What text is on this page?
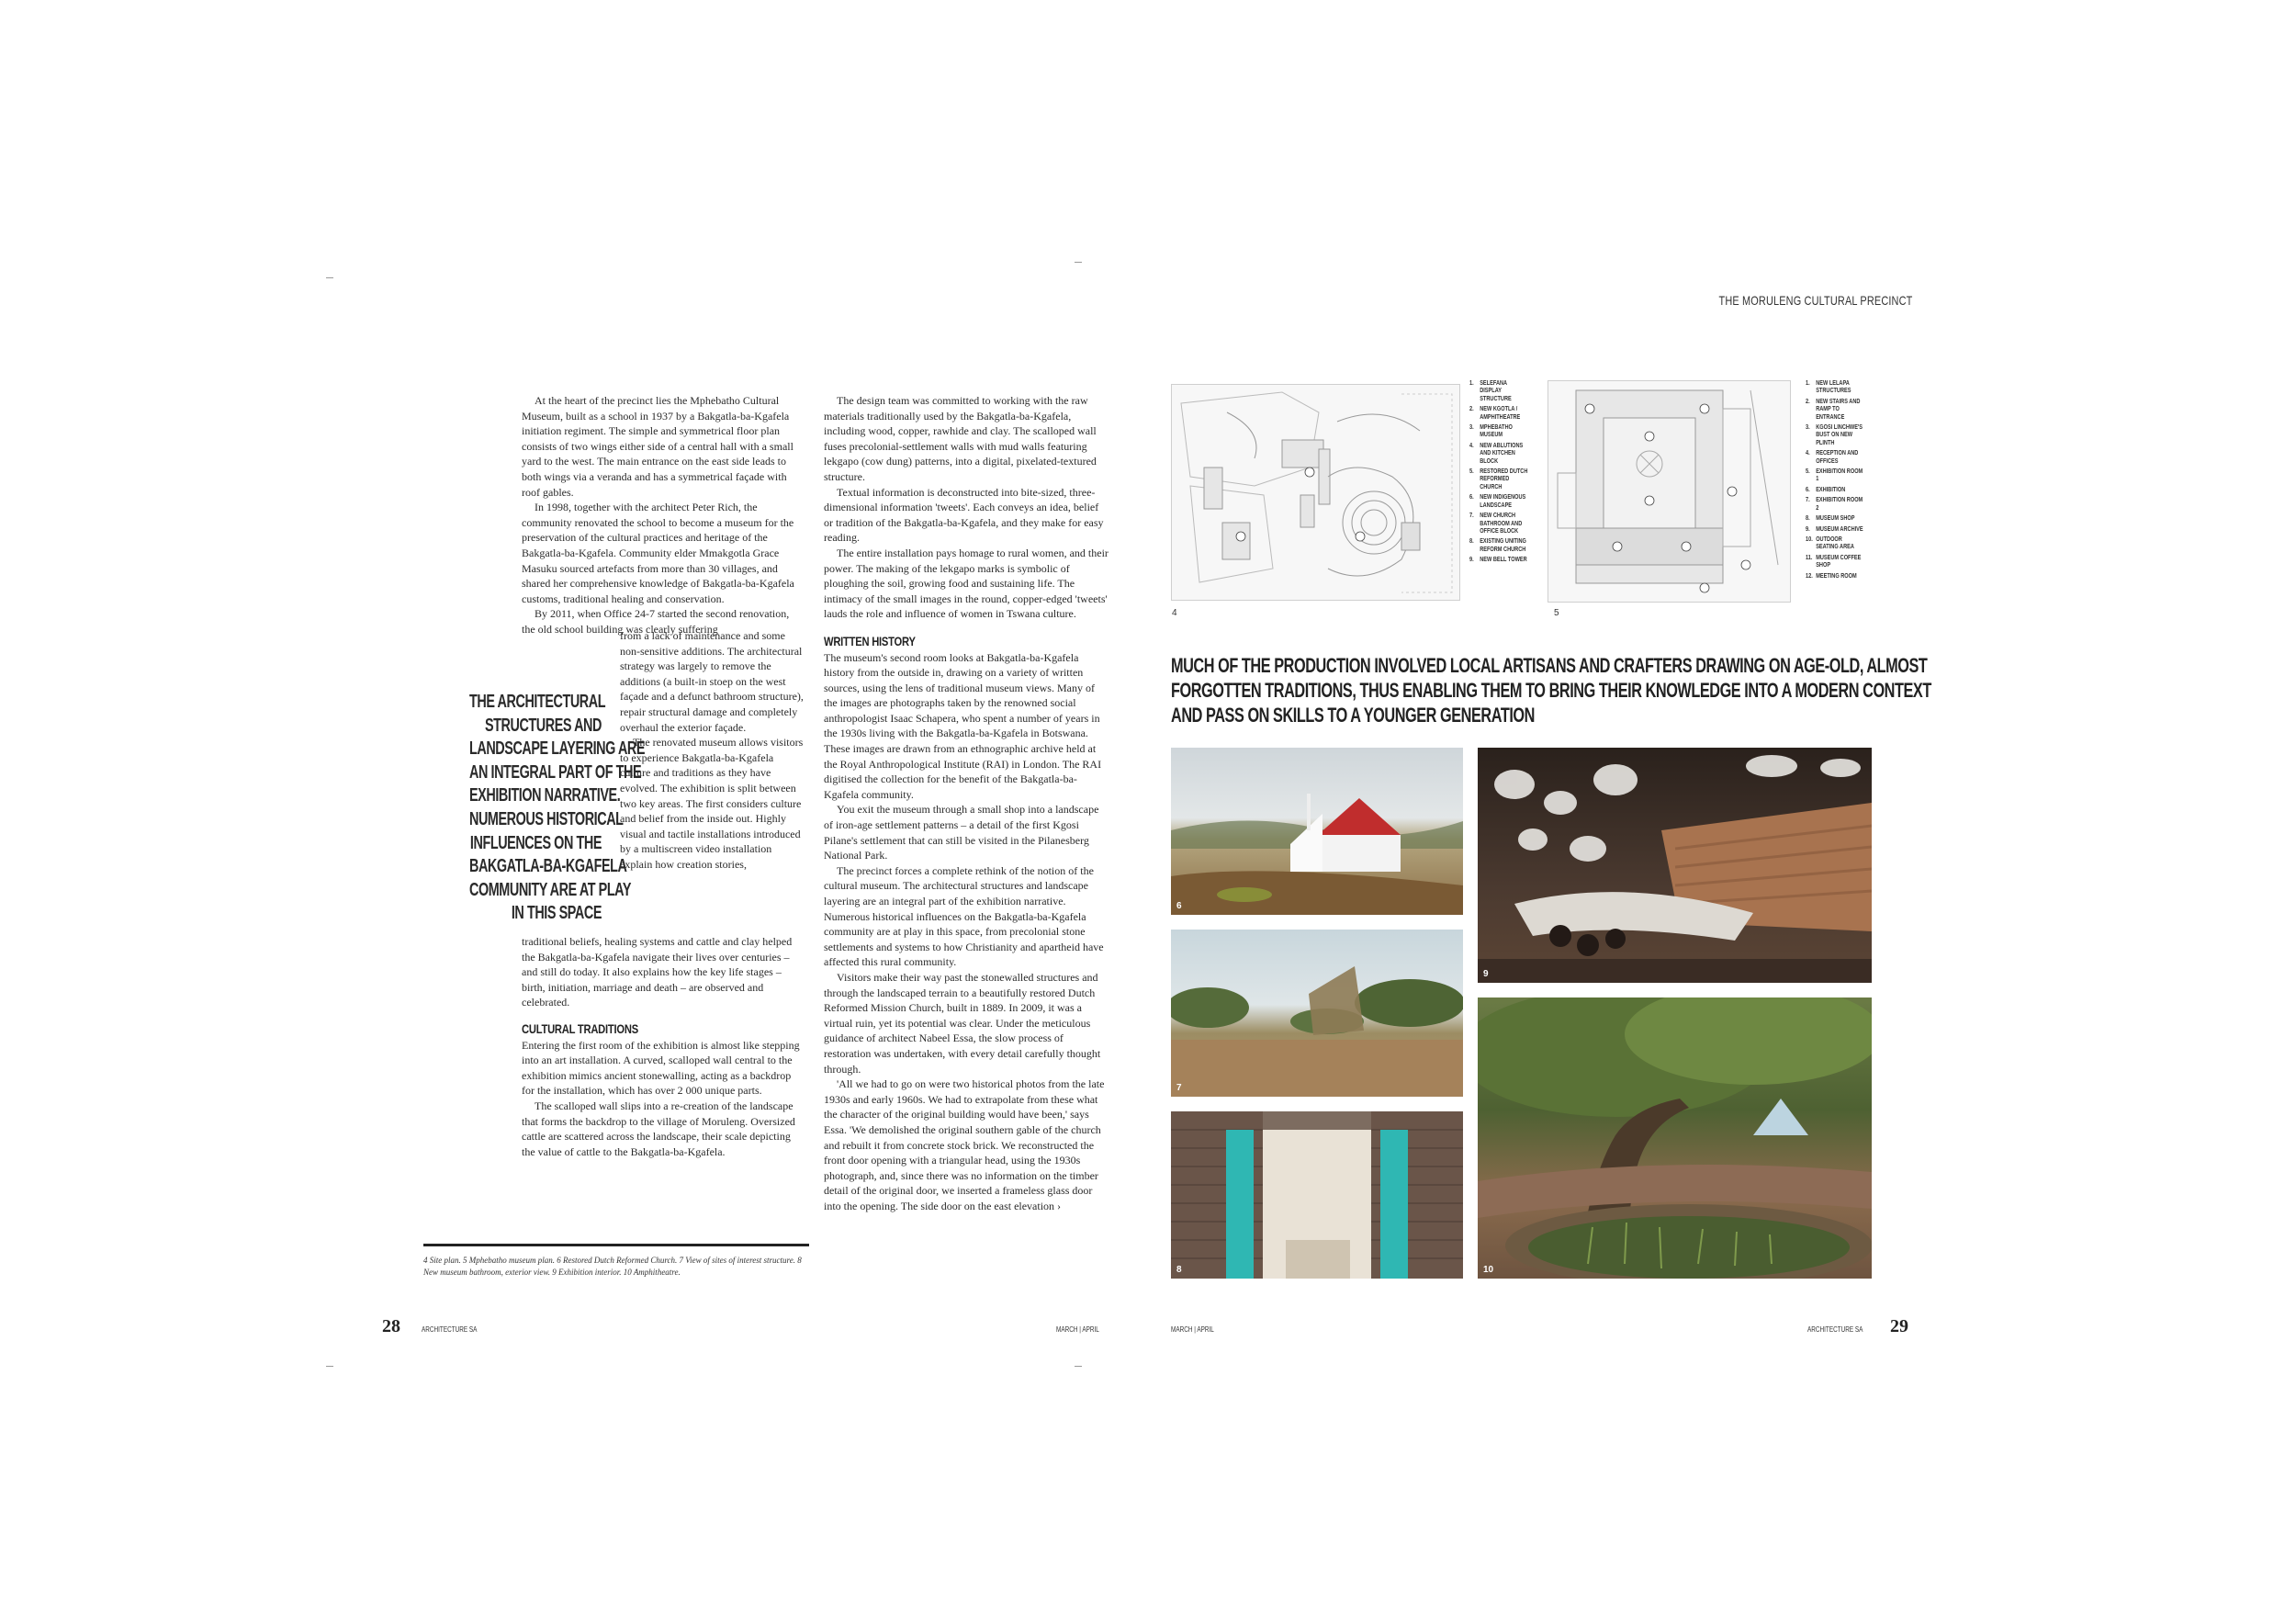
At the heart of the precinct lies the Mphebatho Cultural Museum, built as a school in 1937 by a Bakgatla-ba-Kgafela initiation regiment. The simple and symmetrical floor plan consists of two wings either side of a central hall with a small yard to the west. The main entrance on the east side leads to both wings via a veranda and has a symmetrical façade with roof gables.

In 1998, together with the architect Peter Rich, the community renovated the school to become a museum for the preservation of the cultural practices and heritage of the Bakgatla-ba-Kgafela. Community elder Mmakgotla Grace Masuku sourced artefacts from more than 30 villages, and shared her comprehensive knowledge of Bakgatla-ba-Kgafela customs, traditional healing and conservation.

By 2011, when Office 24-7 started the second renovation, the old school building was clearly suffering

from a lack of maintenance and some non-sensitive additions. The architectural strategy was largely to remove the additions (a built-in stoep on the west façade and a defunct bathroom structure), repair structural damage and completely overhaul the exterior façade.

The renovated museum allows visitors to experience Bakgatla-ba-Kgafela culture and traditions as they have evolved. The exhibition is split between two key areas. The first considers culture and belief from the inside out. Highly visual and tactile installations introduced by a multiscreen video installation explain how creation stories,

traditional beliefs, healing systems and cattle and clay helped the Bakgatla-ba-Kgafela navigate their lives over centuries – and still do today. It also explains how the key life stages – birth, initiation, marriage and death – are observed and celebrated.

CULTURAL TRADITIONS

Entering the first room of the exhibition is almost like stepping into an art installation. A curved, scalloped wall central to the exhibition mimics ancient stonewalling, acting as a backdrop for the installation, which has over 2 000 unique parts.

The scalloped wall slips into a re-creation of the landscape that forms the backdrop to the village of Moruleng. Oversized cattle are scattered across the landscape, their scale depicting the value of cattle to the Bakgatla-ba-Kgafela.

THE ARCHITECTURAL
STRUCTURES AND
LANDSCAPE LAYERING ARE
AN INTEGRAL PART OF THE
EXHIBITION NARRATIVE.
NUMEROUS HISTORICAL
INFLUENCES ON THE
BAKGATLA-BA-KGAFELA
COMMUNITY ARE AT PLAY
IN THIS SPACE

The design team was committed to working with the raw materials traditionally used by the Bakgatla-ba-Kgafela, including wood, copper, rawhide and clay. The scalloped wall fuses precolonial-settlement walls with mud walls featuring lekgapo (cow dung) patterns, into a digital, pixelated-textured structure.

Textual information is deconstructed into bite-sized, three-dimensional information 'tweets'. Each conveys an idea, belief or tradition of the Bakgatla-ba-Kgafela, and they make for easy reading.

The entire installation pays homage to rural women, and their power. The making of the lekgapo marks is symbolic of ploughing the soil, growing food and sustaining life. The intimacy of the small images in the round, copper-edged 'tweets' lauds the role and influence of women in Tswana culture.

WRITTEN HISTORY

The museum's second room looks at Bakgatla-ba-Kgafela history from the outside in, drawing on a variety of written sources, using the lens of traditional museum views. Many of the images are photographs taken by the renowned social anthropologist Isaac Schapera, who spent a number of years in the 1930s living with the Bakgatla-ba-Kgafela in Botswana. These images are drawn from an ethnographic archive held at the Royal Anthropological Institute (RAI) in London. The RAI digitised the collection for the benefit of the Bakgatla-ba-Kgafela community.

You exit the museum through a small shop into a landscape of iron-age settlement patterns – a detail of the first Kgosi Pilane's settlement that can still be visited in the Pilanesberg National Park.

The precinct forces a complete rethink of the notion of the cultural museum. The architectural structures and landscape layering are an integral part of the exhibition narrative. Numerous historical influences on the Bakgatla-ba-Kgafela community are at play in this space, from precolonial stone settlements and systems to how Christianity and apartheid have affected this rural community.

Visitors make their way past the stonewalled structures and through the landscaped terrain to a beautifully restored Dutch Reformed Mission Church, built in 1889. In 2009, it was a virtual ruin, yet its potential was clear. Under the meticulous guidance of architect Nabeel Essa, the slow process of restoration was undertaken, with every detail carefully thought through.

'All we had to go on were two historical photos from the late 1930s and early 1960s. We had to extrapolate from these what the character of the original building would have been,' says Essa. 'We demolished the original southern gable of the church and rebuilt it from concrete stock brick. We reconstructed the front door opening with a triangular head, using the 1930s photograph, and, since there was no information on the timber detail of the original door, we inserted a frameless glass door into the opening. The side door on the east elevation ›

4 Site plan. 5 Mphebatho museum plan. 6 Restored Dutch Reformed Church. 7 View of sites of interest structure. 8 New museum bathroom, exterior view. 9 Exhibition interior. 10 Amphitheatre.
28	ARCHITECTURE SA	MARCH | APRIL
THE MORULENG CULTURAL PRECINCT
1. SELEFANA DISPLAY STRUCTURE
2. NEW KGOTLA / AMPHITHEATRE
3. MPHEBATHO MUSEUM
4. NEW ABLUTIONS AND KITCHEN BLOCK
5. RESTORED DUTCH REFORMED CHURCH
6. NEW INDIGENOUS LANDSCAPE
7. NEW CHURCH BATHROOM AND OFFICE BLOCK
8. EXISTING UNITING REFORM CHURCH
9. NEW BELL TOWER
4
1. NEW LELAPA STRUCTURES
2. NEW STAIRS AND RAMP TO ENTRANCE
3. KGOSI LINCHWE'S BUST ON NEW PLINTH
4. RECEPTION AND OFFICES
5. EXHIBITION ROOM 1
6. EXHIBITION
7. EXHIBITION ROOM 2
8. MUSEUM SHOP
9. MUSEUM ARCHIVE
10. OUTDOOR SEATING AREA
11. MUSEUM COFFEE SHOP
12. MEETING ROOM
5
MUCH OF THE PRODUCTION INVOLVED LOCAL ARTISANS AND CRAFTERS DRAWING ON AGE-OLD, ALMOST
FORGOTTEN TRADITIONS, THUS ENABLING THEM TO BRING THEIR KNOWLEDGE INTO A MODERN CONTEXT
AND PASS ON SKILLS TO A YOUNGER GENERATION
6
7
8
9
10
MARCH | APRIL	ARCHITECTURE SA 29
